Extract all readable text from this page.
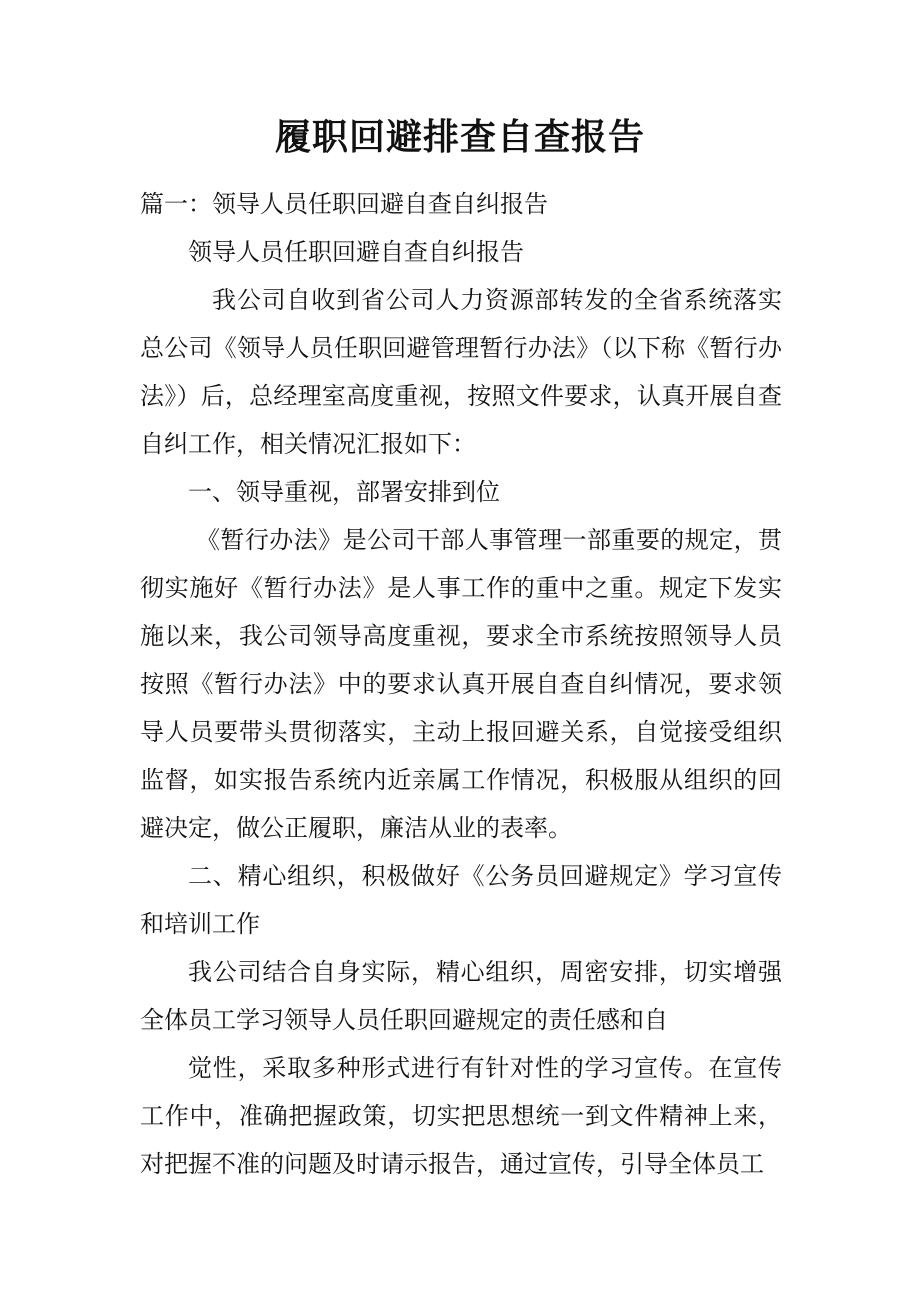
履职回避排查自查报告

篇一：领导人员任职回避自查自纠报告

领导人员任职回避自查自纠报告

我公司自收到省公司人力资源部转发的全省系统落实总公司《领导人员任职回避管理暂行办法》（以下称《暂行办法》）后，总经理室高度重视，按照文件要求，认真开展自查自纠工作，相关情况汇报如下：

一、领导重视，部署安排到位

《暂行办法》是公司干部人事管理一部重要的规定，贯彻实施好《暂行办法》是人事工作的重中之重。规定下发实施以来，我公司领导高度重视，要求全市系统按照领导人员按照《暂行办法》中的要求认真开展自查自纠情况，要求领导人员要带头贯彻落实，主动上报回避关系，自觉接受组织监督，如实报告系统内近亲属工作情况，积极服从组织的回避决定，做公正履职，廉洁从业的表率。

二、精心组织，积极做好《公务员回避规定》学习宣传和培训工作

我公司结合自身实际，精心组织，周密安排，切实增强全体员工学习领导人员任职回避规定的责任感和自

觉性，采取多种形式进行有针对性的学习宣传。在宣传工作中，准确把握政策，切实把思想统一到文件精神上来，对把握不准的问题及时请示报告，通过宣传，引导全体员工
